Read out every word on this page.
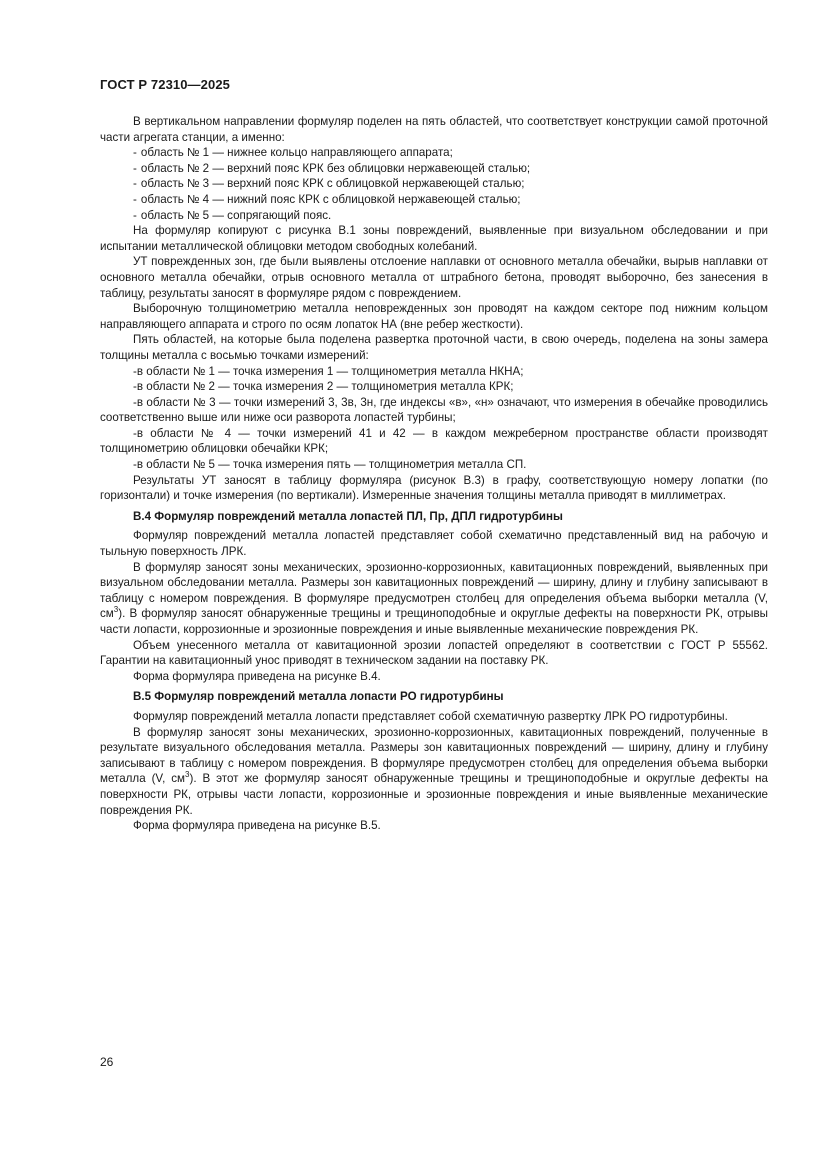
ГОСТ Р 72310—2025

В вертикальном направлении формуляр поделен на пять областей, что соответствует конструкции самой проточной части агрегата станции, а именно:

- область № 1 — нижнее кольцо направляющего аппарата;

- область № 2 — верхний пояс КРК без облицовки нержавеющей сталью;

- область № 3 — верхний пояс КРК с облицовкой нержавеющей сталью;

- область № 4 — нижний пояс КРК с облицовкой нержавеющей сталью;

- область № 5 — сопрягающий пояс.

На формуляр копируют с рисунка В.1 зоны повреждений, выявленные при визуальном обследовании и при испытании металлической облицовки методом свободных колебаний.

УТ поврежденных зон, где были выявлены отслоение наплавки от основного металла обечайки, вырыв наплавки от основного металла обечайки, отрыв основного металла от штрабного бетона, проводят выборочно, без занесения в таблицу, результаты заносят в формуляре рядом с повреждением.

Выборочную толщинометрию металла неповрежденных зон проводят на каждом секторе под нижним кольцом направляющего аппарата и строго по осям лопаток НА (вне ребер жесткости).

Пять областей, на которые была поделена развертка проточной части, в свою очередь, поделена на зоны замера толщины металла с восьмью точками измерений:

-в области № 1 — точка измерения 1 — толщинометрия металла НКНА;

-в области № 2 — точка измерения 2 — толщинометрия металла КРК;

-в области № 3 — точки измерений 3, 3в, 3н, где индексы «в», «н» означают, что измерения в обечайке проводились соответственно выше или ниже оси разворота лопастей турбины;

-в области № 4 — точки измерений 41 и 42 — в каждом межреберном пространстве области производят толщинометрию облицовки обечайки КРК;

-в области № 5 — точка измерения пять — толщинометрия металла СП.

Результаты УТ заносят в таблицу формуляра (рисунок В.3) в графу, соответствующую номеру лопатки (по горизонтали) и точке измерения (по вертикали). Измеренные значения толщины металла приводят в миллиметрах.

В.4 Формуляр повреждений металла лопастей ПЛ, Пр, ДПЛ гидротурбины

Формуляр повреждений металла лопастей представляет собой схематично представленный вид на рабочую и тыльную поверхность ЛРК.

В формуляр заносят зоны механических, эрозионно-коррозионных, кавитационных повреждений, выявленных при визуальном обследовании металла. Размеры зон кавитационных повреждений — ширину, длину и глубину записывают в таблицу с номером повреждения. В формуляре предусмотрен столбец для определения объема выборки металла (V, $см^3$). В формуляр заносят обнаруженные трещины и трещиноподобные и округлые дефекты на поверхности РК, отрывы части лопасти, коррозионные и эрозионные повреждения и иные выявленные механические повреждения РК.

Объем унесенного металла от кавитационной эрозии лопастей определяют в соответствии с ГОСТ Р 55562. Гарантии на кавитационный унос приводят в техническом задании на поставку РК.

Форма формуляра приведена на рисунке В.4.

В.5 Формуляр повреждений металла лопасти РО гидротурбины

Формуляр повреждений металла лопасти представляет собой схематичную развертку ЛРК РО гидротурбины.

В формуляр заносят зоны механических, эрозионно-коррозионных, кавитационных повреждений, полученные в результате визуального обследования металла. Размеры зон кавитационных повреждений — ширину, длину и глубину записывают в таблицу с номером повреждения. В формуляре предусмотрен столбец для определения объема выборки металла (V, $см^3$). В этот же формуляр заносят обнаруженные трещины и трещиноподобные и округлые дефекты на поверхности РК, отрывы части лопасти, коррозионные и эрозионные повреждения и иные выявленные механические повреждения РК.

Форма формуляра приведена на рисунке В.5.

26
